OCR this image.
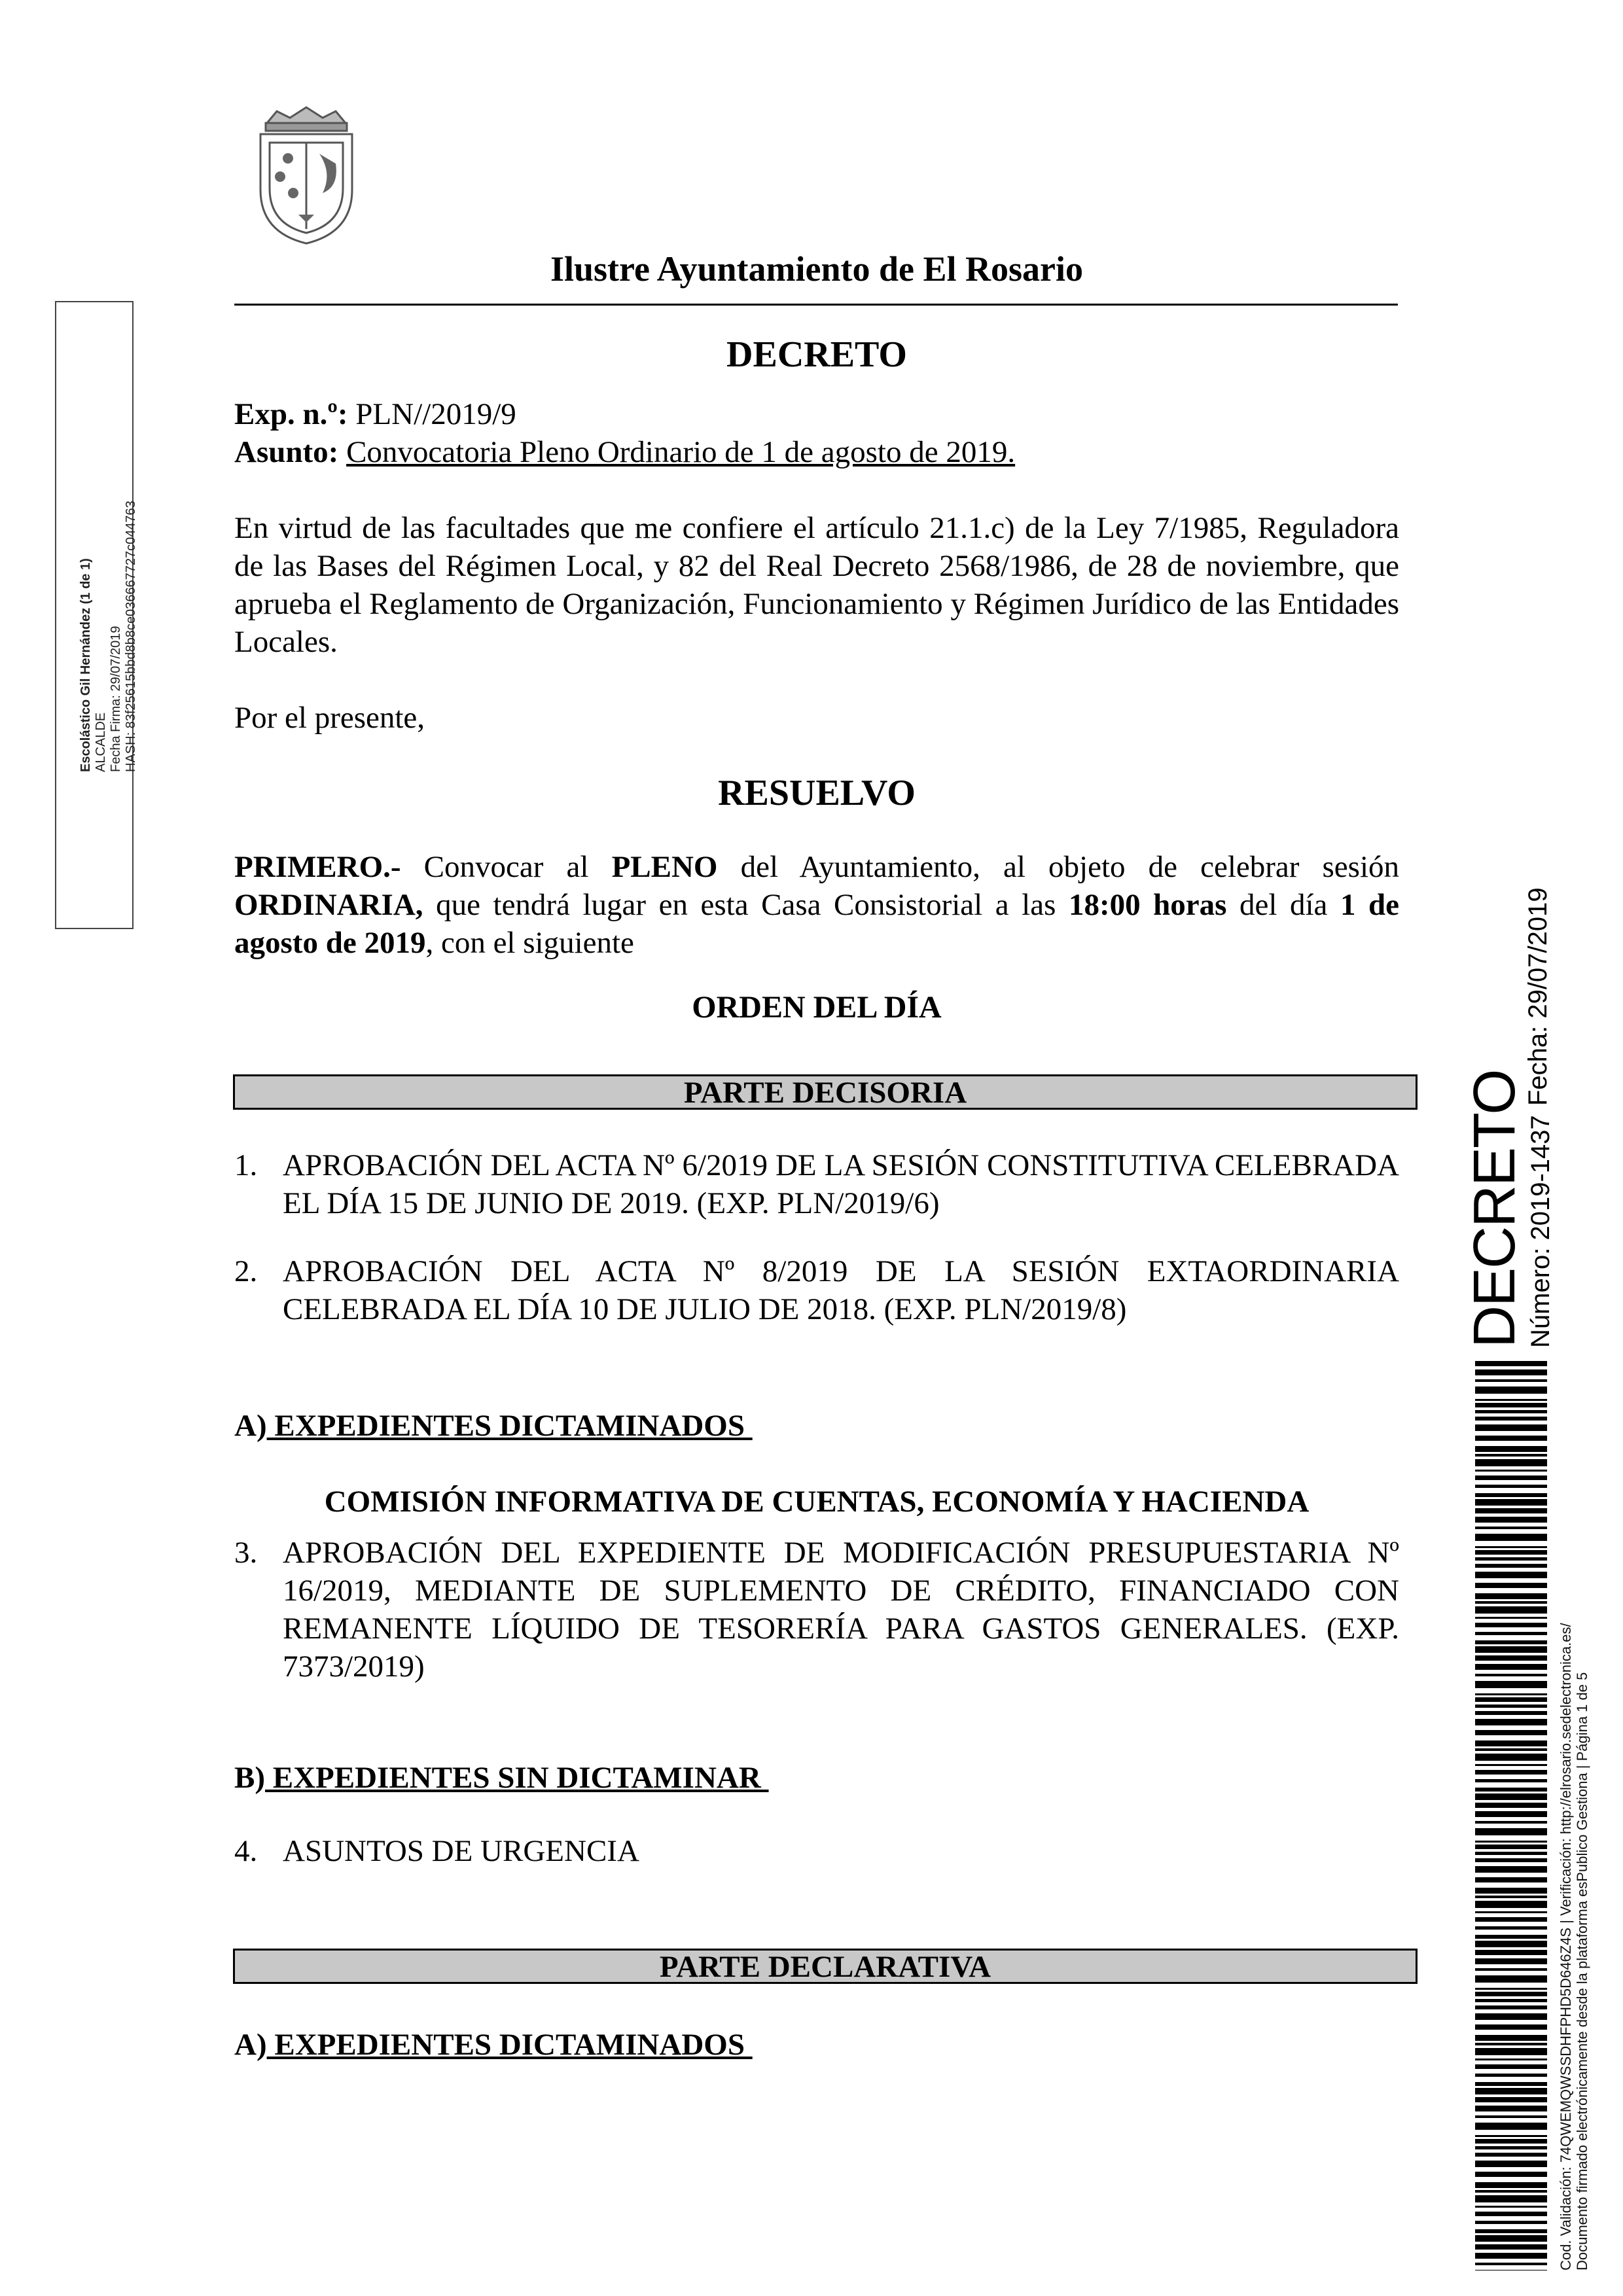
Ilustre Ayuntamiento de El Rosario
DECRETO
Exp. n.º: PLN//2019/9
Asunto: Convocatoria Pleno Ordinario de 1 de agosto de 2019.
En virtud de las facultades que me confiere el artículo 21.1.c) de la Ley 7/1985, Reguladora de las Bases del Régimen Local, y 82 del Real Decreto 2568/1986, de 28 de noviembre, que aprueba el Reglamento de Organización, Funcionamiento y Régimen Jurídico de las Entidades Locales.
Por el presente,
RESUELVO
PRIMERO.- Convocar al PLENO del Ayuntamiento, al objeto de celebrar sesión ORDINARIA, que tendrá lugar en esta Casa Consistorial a las 18:00 horas del día 1 de agosto de 2019, con el siguiente
ORDEN DEL DÍA
PARTE DECISORIA
1. APROBACIÓN DEL ACTA Nº 6/2019 DE LA SESIÓN CONSTITUTIVA CELEBRADA EL DÍA 15 DE JUNIO DE 2019. (EXP. PLN/2019/6)
2. APROBACIÓN DEL ACTA Nº 8/2019 DE LA SESIÓN EXTAORDINARIA CELEBRADA EL DÍA 10 DE JULIO DE 2018. (EXP. PLN/2019/8)
A) EXPEDIENTES DICTAMINADOS
COMISIÓN INFORMATIVA DE CUENTAS, ECONOMÍA Y HACIENDA
3. APROBACIÓN DEL EXPEDIENTE DE MODIFICACIÓN PRESUPUESTARIA Nº 16/2019, MEDIANTE DE SUPLEMENTO DE CRÉDITO, FINANCIADO CON REMANENTE LÍQUIDO DE TESORERÍA PARA GASTOS GENERALES. (EXP. 7373/2019)
B) EXPEDIENTES SIN DICTAMINAR
4. ASUNTOS DE URGENCIA
PARTE DECLARATIVA
A) EXPEDIENTES DICTAMINADOS
Escolástico Gil Hernández (1 de 1) ALCALDE Fecha Firma: 29/07/2019 HASH: 83f25615bbd8b8ce0366677​27c044763
Fecha: 29/07/2019
DECRETO
Número: 2019-1437
Cod. Validación: 74QWEMQWSSDHFPHD5D646Z4S | Verificación: http://elrosario.sedelectronica.es/ Documento firmado electrónicamente desde la plataforma esPublico Gestiona | Página 1 de 5
